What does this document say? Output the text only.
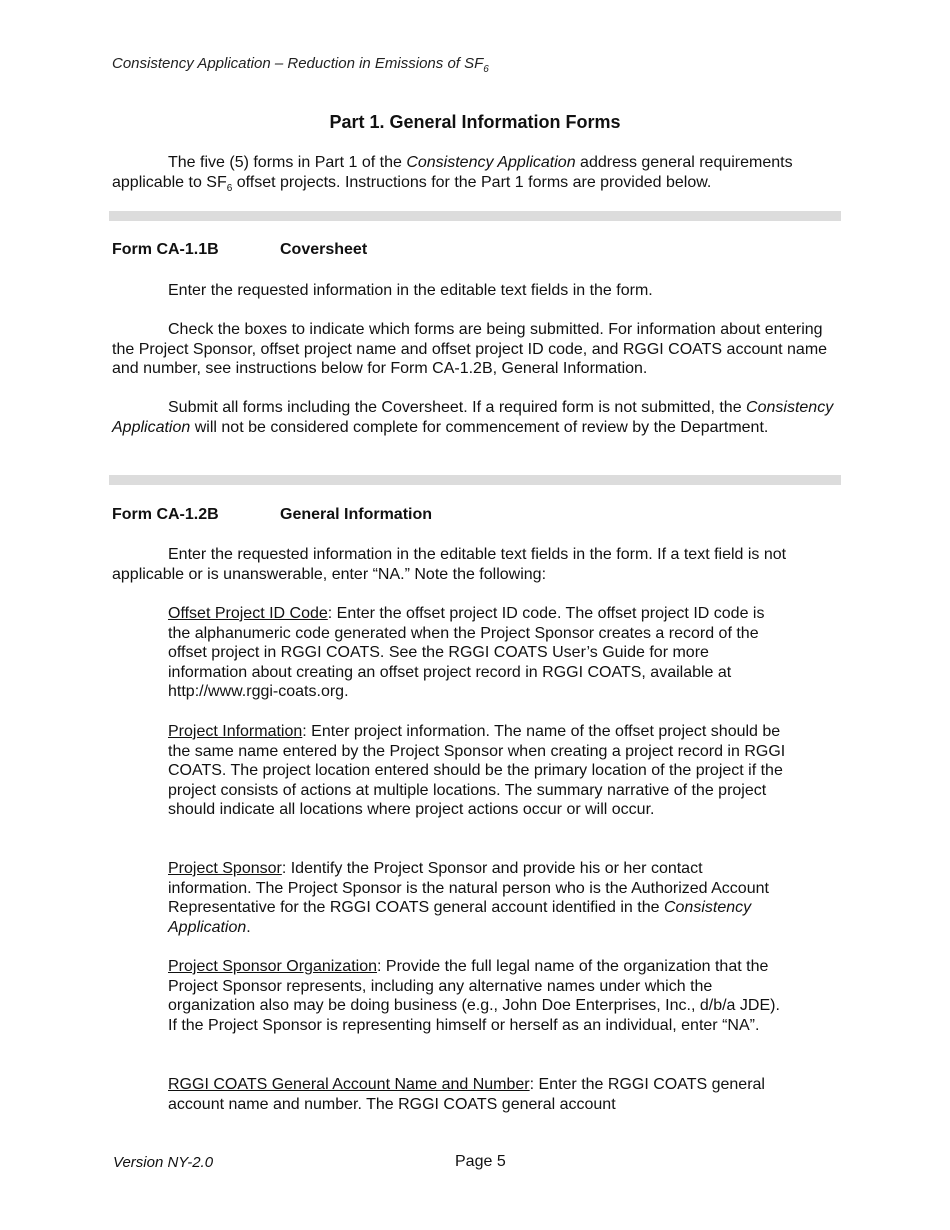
Consistency Application – Reduction in Emissions of $SF_6$
Part 1. General Information Forms
The five (5) forms in Part 1 of the Consistency Application address general requirements applicable to $SF_6$ offset projects. Instructions for the Part 1 forms are provided below.
Form CA-1.1B	Coversheet
Enter the requested information in the editable text fields in the form.
Check the boxes to indicate which forms are being submitted. For information about entering the Project Sponsor, offset project name and offset project ID code, and RGGI COATS account name and number, see instructions below for Form CA-1.2B, General Information.
Submit all forms including the Coversheet. If a required form is not submitted, the Consistency Application will not be considered complete for commencement of review by the Department.
Form CA-1.2B	General Information
Enter the requested information in the editable text fields in the form. If a text field is not applicable or is unanswerable, enter “NA.” Note the following:
Offset Project ID Code: Enter the offset project ID code. The offset project ID code is the alphanumeric code generated when the Project Sponsor creates a record of the offset project in RGGI COATS. See the RGGI COATS User’s Guide for more information about creating an offset project record in RGGI COATS, available at http://www.rggi-coats.org.
Project Information: Enter project information. The name of the offset project should be the same name entered by the Project Sponsor when creating a project record in RGGI COATS. The project location entered should be the primary location of the project if the project consists of actions at multiple locations. The summary narrative of the project should indicate all locations where project actions occur or will occur.
Project Sponsor: Identify the Project Sponsor and provide his or her contact information. The Project Sponsor is the natural person who is the Authorized Account Representative for the RGGI COATS general account identified in the Consistency Application.
Project Sponsor Organization: Provide the full legal name of the organization that the Project Sponsor represents, including any alternative names under which the organization also may be doing business (e.g., John Doe Enterprises, Inc., d/b/a JDE). If the Project Sponsor is representing himself or herself as an individual, enter “NA”.
RGGI COATS General Account Name and Number: Enter the RGGI COATS general account name and number. The RGGI COATS general account
Version NY-2.0	Page 5
